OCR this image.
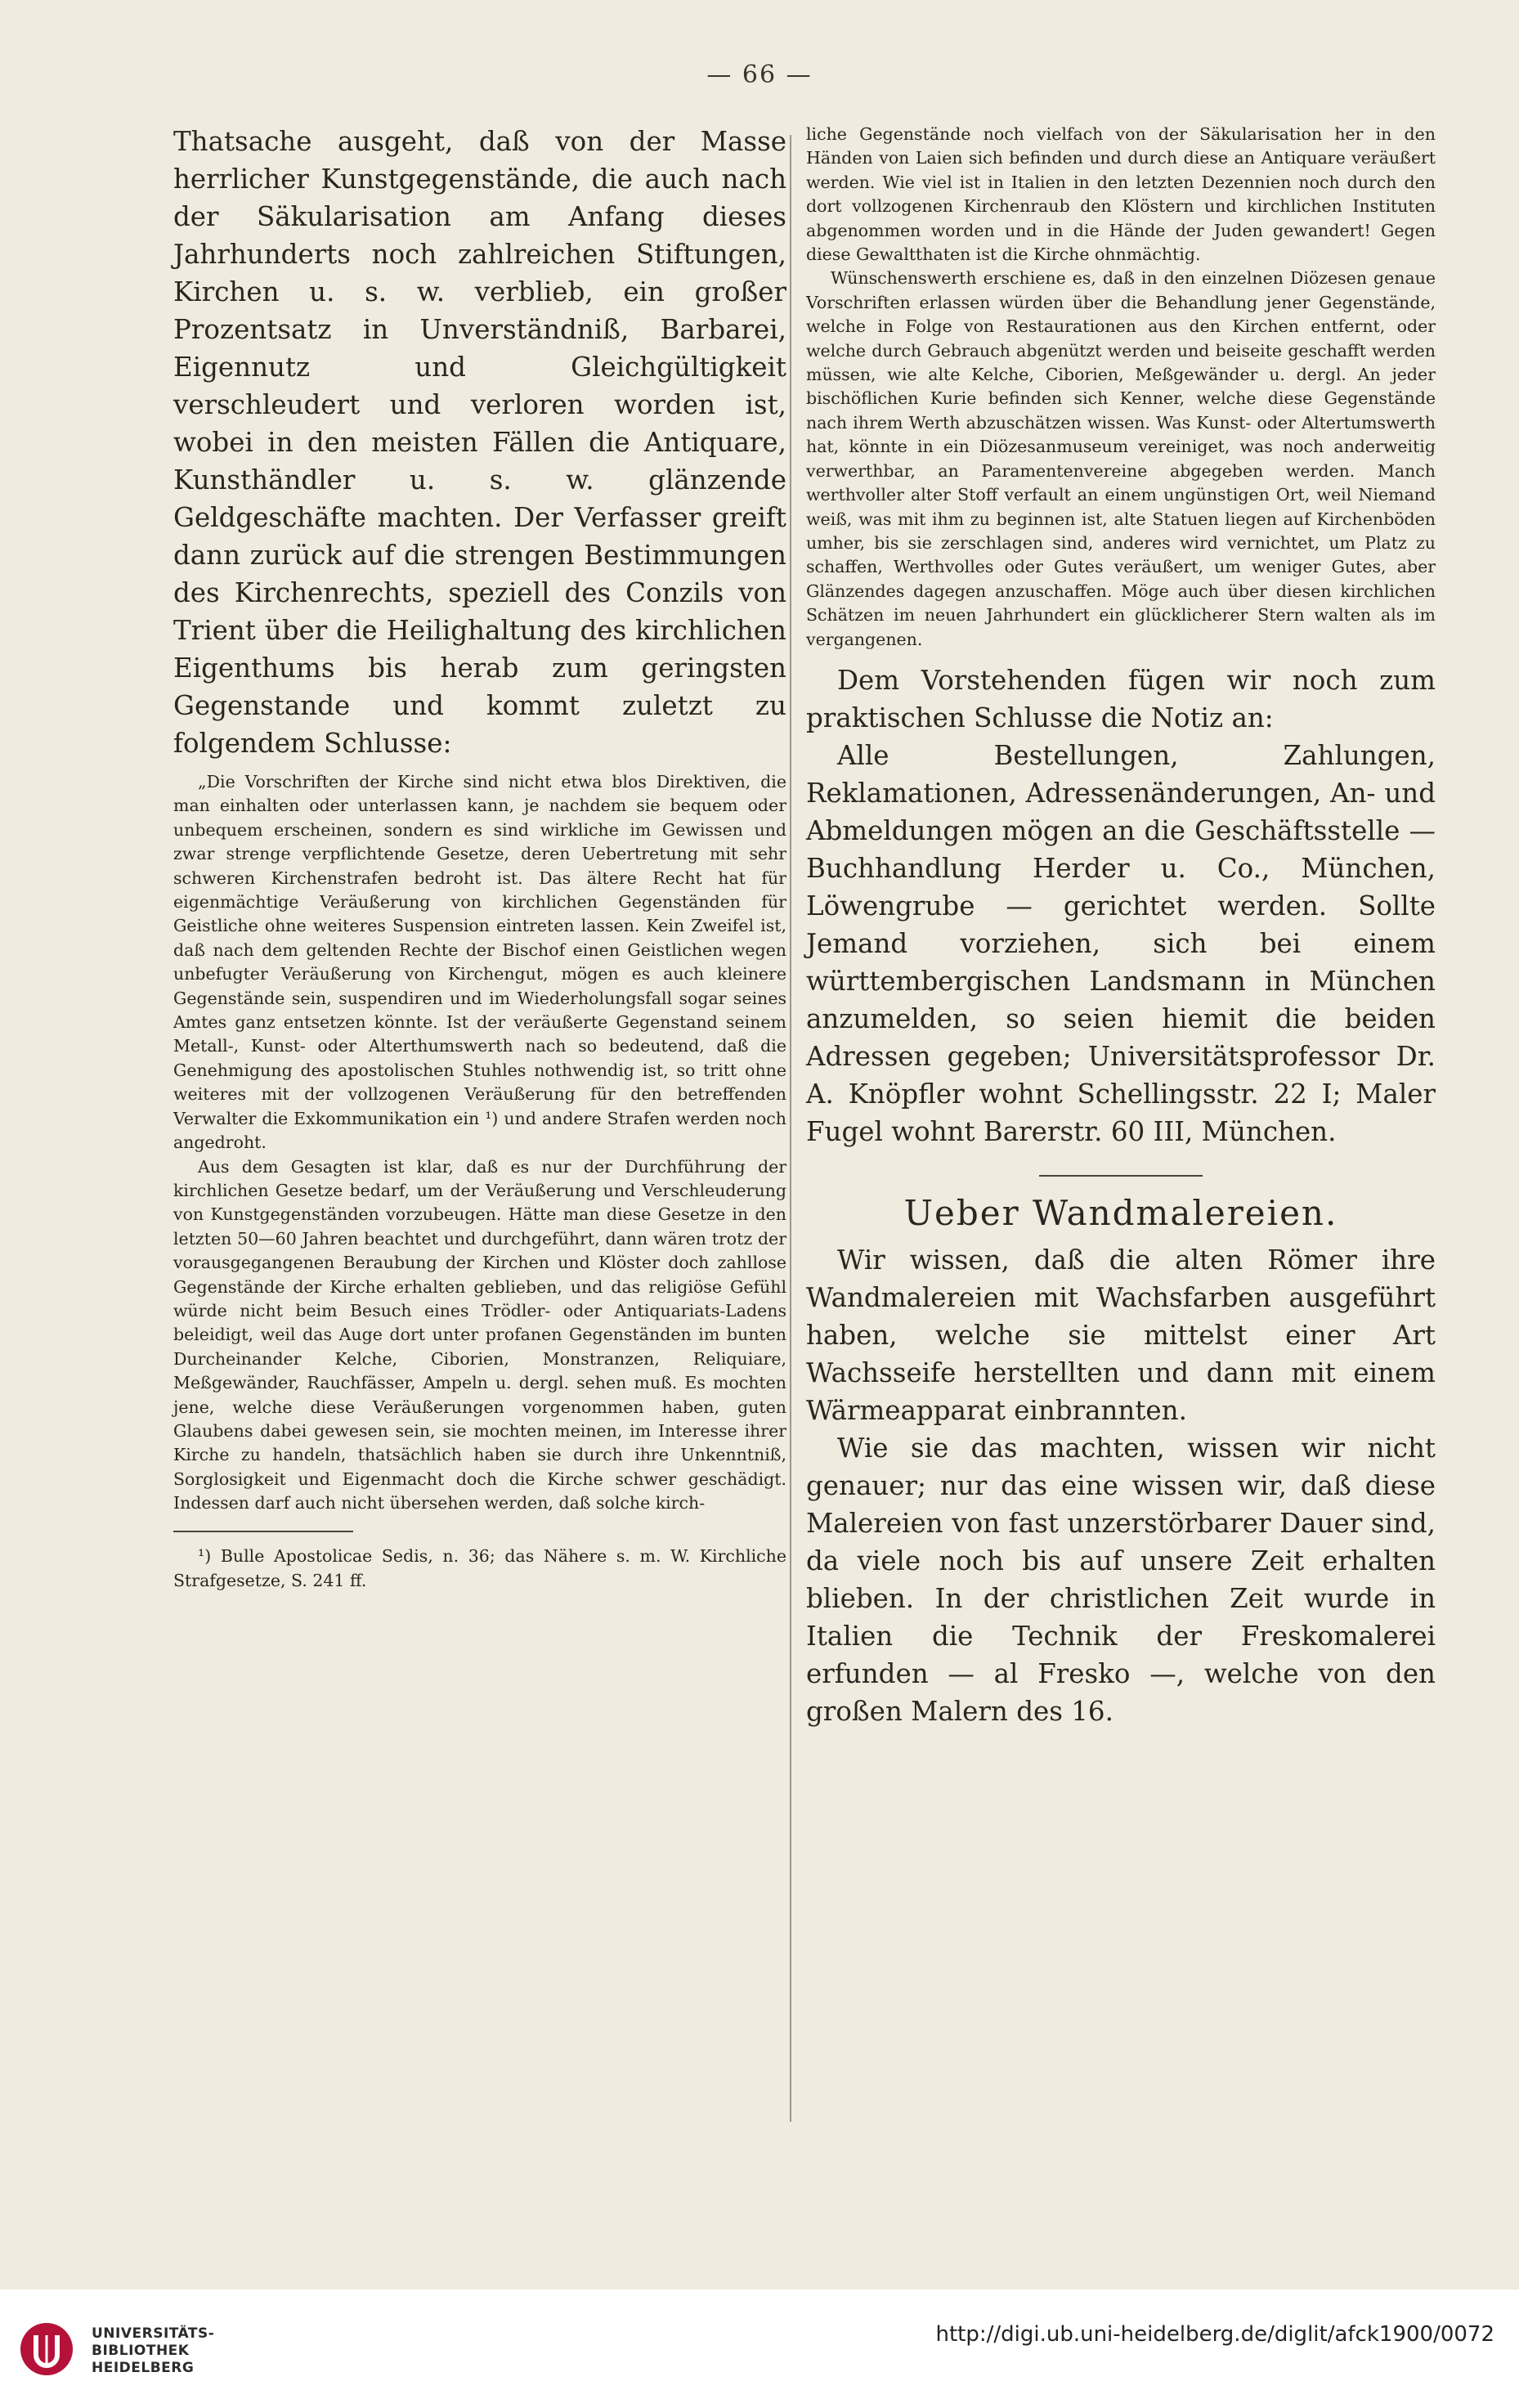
— 66 —

Thatsache ausgeht, daß von der Masse herrlicher Kunstgegenstände, die auch nach der Säkularisation am Anfang dieses Jahrhunderts noch zahlreichen Stiftungen, Kirchen u. s. w. verblieb, ein großer Prozentsatz in Unverständniß, Barbarei, Eigennutz und Gleichgültigkeit verschleudert und verloren worden ist, wobei in den meisten Fällen die Antiquare, Kunsthändler u. s. w. glänzende Geldgeschäfte machten. Der Verfasser greift dann zurück auf die strengen Bestimmungen des Kirchenrechts, speziell des Conzils von Trient über die Heilighaltung des kirchlichen Eigenthums bis herab zum geringsten Gegenstande und kommt zuletzt zu folgendem Schlusse:

„Die Vorschriften der Kirche sind nicht etwa blos Direktiven, die man einhalten oder unterlassen kann, je nachdem sie bequem oder unbequem erscheinen, sondern es sind wirkliche im Gewissen und zwar strenge verpflichtende Gesetze, deren Uebertretung mit sehr schweren Kirchenstrafen bedroht ist. Das ältere Recht hat für eigenmächtige Veräußerung von kirchlichen Gegenständen für Geistliche ohne weiteres Suspension eintreten lassen. Kein Zweifel ist, daß nach dem geltenden Rechte der Bischof einen Geistlichen wegen unbefugter Veräußerung von Kirchengut, mögen es auch kleinere Gegenstände sein, suspendiren und im Wiederholungsfall sogar seines Amtes ganz entsetzen könnte. Ist der veräußerte Gegenstand seinem Metall-, Kunst- oder Alterthumswerth nach so bedeutend, daß die Genehmigung des apostolischen Stuhles nothwendig ist, so tritt ohne weiteres mit der vollzogenen Veräußerung für den betreffenden Verwalter die Exkommunikation ein ¹) und andere Strafen werden noch angedroht.

Aus dem Gesagten ist klar, daß es nur der Durchführung der kirchlichen Gesetze bedarf, um der Veräußerung und Verschleuderung von Kunstgegenständen vorzubeugen. Hätte man diese Gesetze in den letzten 50—60 Jahren beachtet und durchgeführt, dann wären trotz der vorausgegangenen Beraubung der Kirchen und Klöster doch zahllose Gegenstände der Kirche erhalten geblieben, und das religiöse Gefühl würde nicht beim Besuch eines Trödler- oder Antiquariats-Ladens beleidigt, weil das Auge dort unter profanen Gegenständen im bunten Durcheinander Kelche, Ciborien, Monstranzen, Reliquiare, Meßgewänder, Rauchfässer, Ampeln u. dergl. sehen muß. Es mochten jene, welche diese Veräußerungen vorgenommen haben, guten Glaubens dabei gewesen sein, sie mochten meinen, im Interesse ihrer Kirche zu handeln, thatsächlich haben sie durch ihre Unkenntniß, Sorglosigkeit und Eigenmacht doch die Kirche schwer geschädigt. Indessen darf auch nicht übersehen werden, daß solche kirch-

¹) Bulle Apostolicae Sedis, n. 36; das Nähere s. m. W. Kirchliche Strafgesetze, S. 241 ff.

liche Gegenstände noch vielfach von der Säkularisation her in den Händen von Laien sich befinden und durch diese an Antiquare veräußert werden. Wie viel ist in Italien in den letzten Dezennien noch durch den dort vollzogenen Kirchenraub den Klöstern und kirchlichen Instituten abgenommen worden und in die Hände der Juden gewandert! Gegen diese Gewaltthaten ist die Kirche ohnmächtig.

Wünschenswerth erschiene es, daß in den einzelnen Diözesen genaue Vorschriften erlassen würden über die Behandlung jener Gegenstände, welche in Folge von Restaurationen aus den Kirchen entfernt, oder welche durch Gebrauch abgenützt werden und beiseite geschafft werden müssen, wie alte Kelche, Ciborien, Meßgewänder u. dergl. An jeder bischöflichen Kurie befinden sich Kenner, welche diese Gegenstände nach ihrem Werth abzuschätzen wissen. Was Kunst- oder Altertumswerth hat, könnte in ein Diözesanmuseum vereiniget, was noch anderweitig verwerthbar, an Paramentenvereine abgegeben werden. Manch werthvoller alter Stoff verfault an einem ungünstigen Ort, weil Niemand weiß, was mit ihm zu beginnen ist, alte Statuen liegen auf Kirchenböden umher, bis sie zerschlagen sind, anderes wird vernichtet, um Platz zu schaffen, Werthvolles oder Gutes veräußert, um weniger Gutes, aber Glänzendes dagegen anzuschaffen. Möge auch über diesen kirchlichen Schätzen im neuen Jahrhundert ein glücklicherer Stern walten als im vergangenen.

Dem Vorstehenden fügen wir noch zum praktischen Schlusse die Notiz an:

Alle Bestellungen, Zahlungen, Reklamationen, Adressenänderungen, An- und Abmeldungen mögen an die Geschäftsstelle — Buchhandlung Herder u. Co., München, Löwengrube — gerichtet werden. Sollte Jemand vorziehen, sich bei einem württembergischen Landsmann in München anzumelden, so seien hiemit die beiden Adressen gegeben; Universitätsprofessor Dr. A. Knöpfler wohnt Schellingsstr. 22 I; Maler Fugel wohnt Barerstr. 60 III, München.

Ueber Wandmalereien.

Wir wissen, daß die alten Römer ihre Wandmalereien mit Wachsfarben ausgeführt haben, welche sie mittelst einer Art Wachsseife herstellten und dann mit einem Wärmeapparat einbrannten.

Wie sie das machten, wissen wir nicht genauer; nur das eine wissen wir, daß diese Malereien von fast unzerstörbarer Dauer sind, da viele noch bis auf unsere Zeit erhalten blieben. In der christlichen Zeit wurde in Italien die Technik der Freskomalerei erfunden — al Fresko —, welche von den großen Malern des 16.

UNIVERSITÄTS-
BIBLIOTHEK
HEIDELBERG
http://digi.ub.uni-heidelberg.de/diglit/afck1900/0072
